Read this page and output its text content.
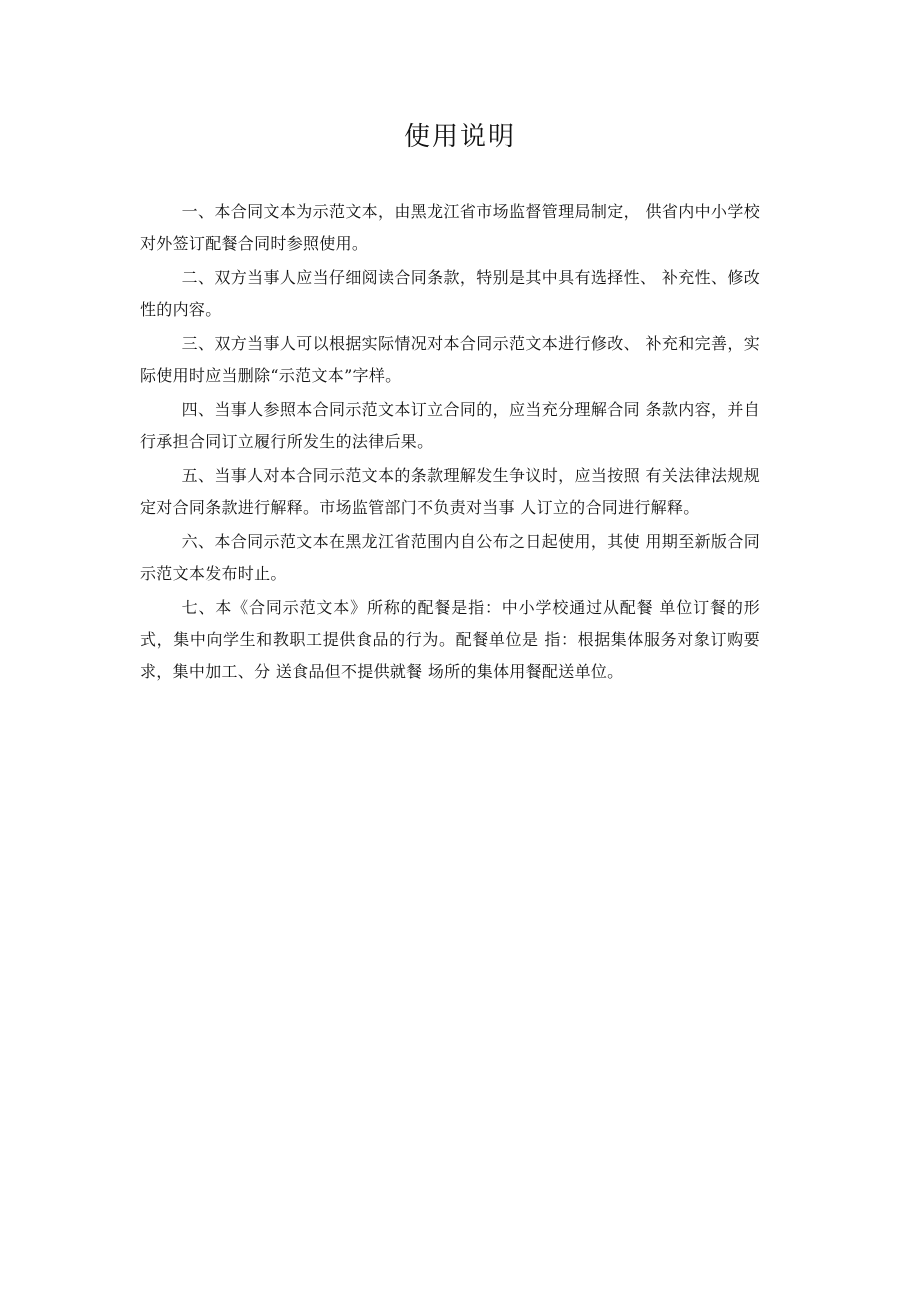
使用说明

一、本合同文本为示范文本，由黑龙江省市场监督管理局制定， 供省内中小学校对外签订配餐合同时参照使用。

二、双方当事人应当仔细阅读合同条款，特别是其中具有选择性、 补充性、修改性的内容。

三、双方当事人可以根据实际情况对本合同示范文本进行修改、 补充和完善，实际使用时应当删除“示范文本”字样。

四、当事人参照本合同示范文本订立合同的，应当充分理解合同 条款内容，并自行承担合同订立履行所发生的法律后果。

五、当事人对本合同示范文本的条款理解发生争议时，应当按照 有关法律法规规定对合同条款进行解释。市场监管部门不负责对当事 人订立的合同进行解释。

六、本合同示范文本在黑龙江省范围内自公布之日起使用，其使 用期至新版合同示范文本发布时止。

七、本《合同示范文本》所称的配餐是指：中小学校通过从配餐 单位订餐的形式，集中向学生和教职工提供食品的行为。配餐单位是 指：根据集体服务对象订购要求，集中加工、分 送食品但不提供就餐 场所的集体用餐配送单位。
